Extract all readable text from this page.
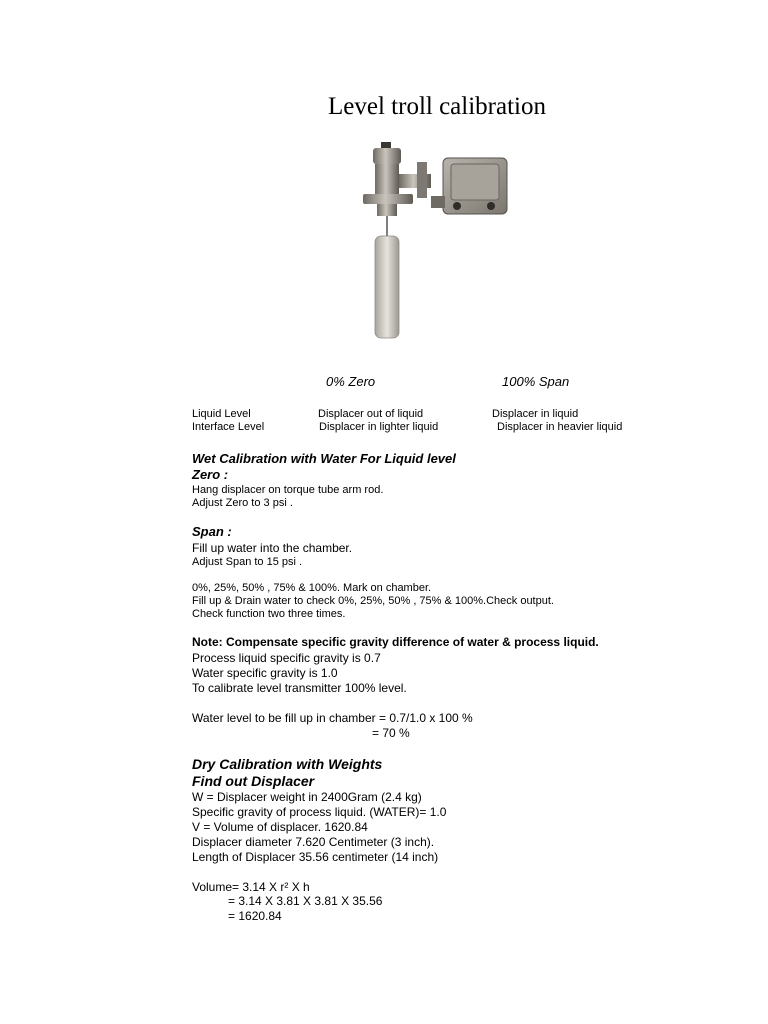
Level troll calibration
0% Zero	100% Span
Liquid Level	Displacer out of liquid	Displacer in liquid
Interface Level	Displacer in lighter liquid	Displacer in heavier liquid
Wet Calibration with Water For Liquid level
Zero :
Hang displacer on torque tube arm rod.
Adjust Zero to 3 psi .
Span :
Fill up water into the chamber.
Adjust Span to 15 psi .
0%, 25%, 50% , 75% & 100%. Mark on chamber.
Fill up & Drain water to check 0%, 25%, 50% , 75% & 100%.Check output.
Check function two three times.
Note: Compensate specific gravity difference of water & process liquid.
Process liquid specific gravity is 0.7
Water specific gravity is 1.0
To calibrate level transmitter 100% level.
Water level to be fill up in chamber = 0.7/1.0 x 100 %
= 70 %
Dry Calibration with Weights
Find out Displacer
W = Displacer weight in 2400Gram (2.4 kg)
Specific gravity of process liquid. (WATER)= 1.0
V = Volume of displacer. 1620.84
Displacer diameter 7.620 Centimeter (3 inch).
Length of Displacer 35.56 centimeter (14 inch)
Volume= 3.14 X r² X h
= 3.14 X 3.81 X 3.81 X 35.56
= 1620.84
